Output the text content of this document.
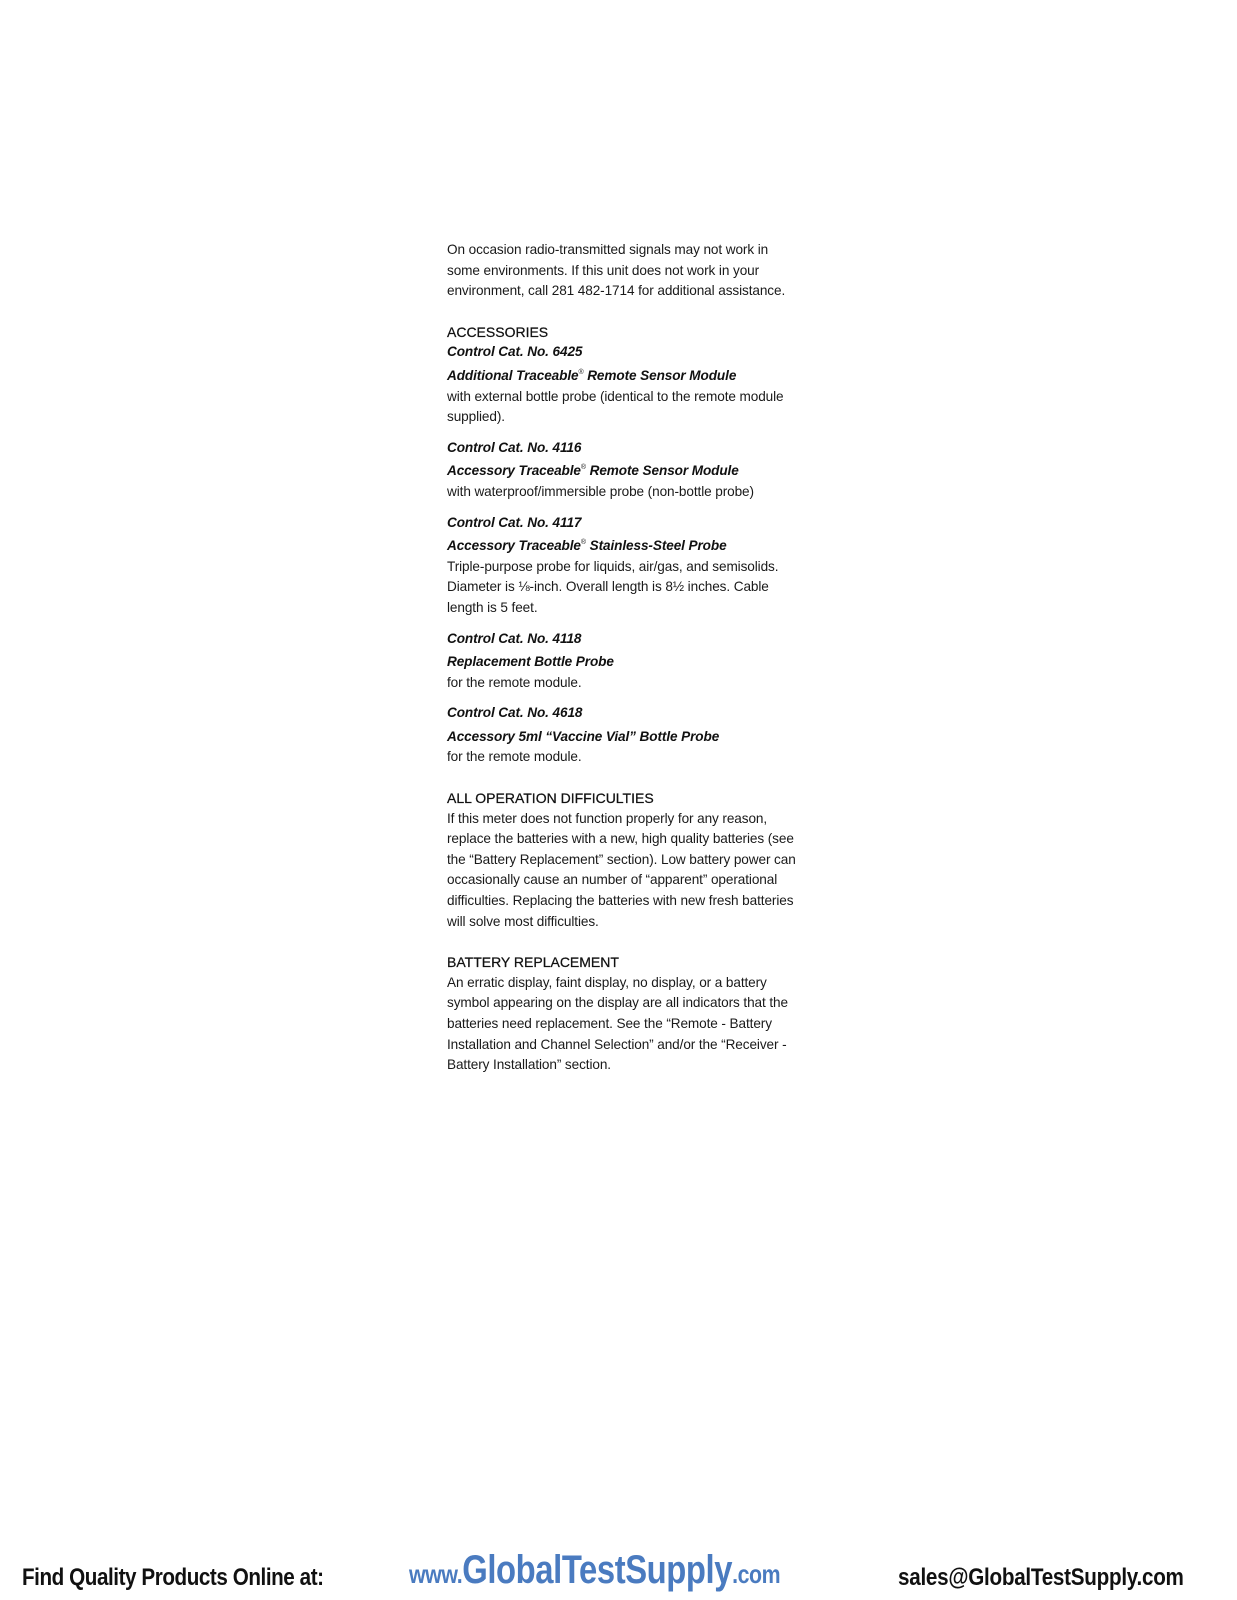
On occasion radio-transmitted signals may not work in some environments. If this unit does not work in your environment, call 281 482-1714 for additional assistance.

ACCESSORIES

Control Cat. No. 6425

Additional Traceable® Remote Sensor Module

with external bottle probe (identical to the remote module supplied).

Control Cat. No. 4116

Accessory Traceable® Remote Sensor Module

with waterproof/immersible probe (non-bottle probe)

Control Cat. No. 4117

Accessory Traceable® Stainless-Steel Probe

Triple-purpose probe for liquids, air/gas, and semisolids. Diameter is ⅛-inch. Overall length is 8½ inches. Cable length is 5 feet.

Control Cat. No. 4118

Replacement Bottle Probe

for the remote module.

Control Cat. No. 4618

Accessory 5ml “Vaccine Vial” Bottle Probe

for the remote module.

ALL OPERATION DIFFICULTIES

If this meter does not function properly for any reason, replace the batteries with a new, high quality batteries (see the “Battery Replacement” section). Low battery power can occasionally cause an number of “apparent” operational difficulties. Replacing the batteries with new fresh batteries will solve most difficulties.

BATTERY REPLACEMENT

An erratic display, faint display, no display, or a battery symbol appearing on the display are all indicators that the batteries need replacement. See the “Remote - Battery Installation and Channel Selection” and/or the “Receiver - Battery Installation” section.

Find Quality Products Online at:	www.GlobalTestSupply.com	sales@GlobalTestSupply.com
